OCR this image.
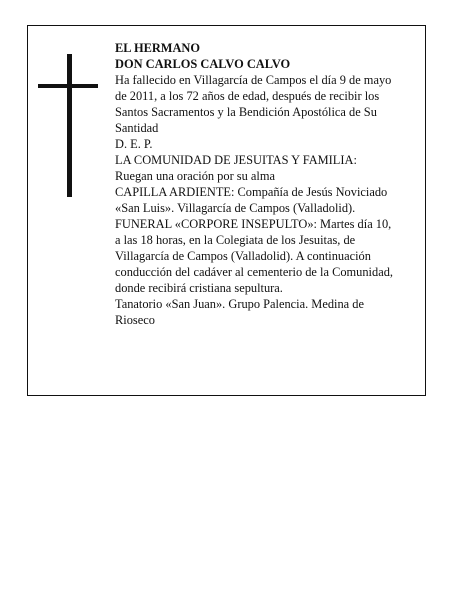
EL HERMANO
DON CARLOS CALVO CALVO
Ha fallecido en Villagarcía de Campos el día 9 de mayo
de 2011, a los 72 años de edad, después de recibir los
Santos Sacramentos y la Bendición Apostólica de Su
Santidad
D. E. P.
LA COMUNIDAD DE JESUITAS Y FAMILIA:
Ruegan una oración por su alma
CAPILLA ARDIENTE: Compañía de Jesús Noviciado
«San Luis». Villagarcía de Campos (Valladolid).
FUNERAL «CORPORE INSEPULTO»: Martes día 10,
a las 18 horas, en la Colegiata de los Jesuitas, de
Villagarcía de Campos (Valladolid). A continuación
conducción del cadáver al cementerio de la Comunidad,
donde recibirá cristiana sepultura.
Tanatorio «San Juan». Grupo Palencia. Medina de
Rioseco
